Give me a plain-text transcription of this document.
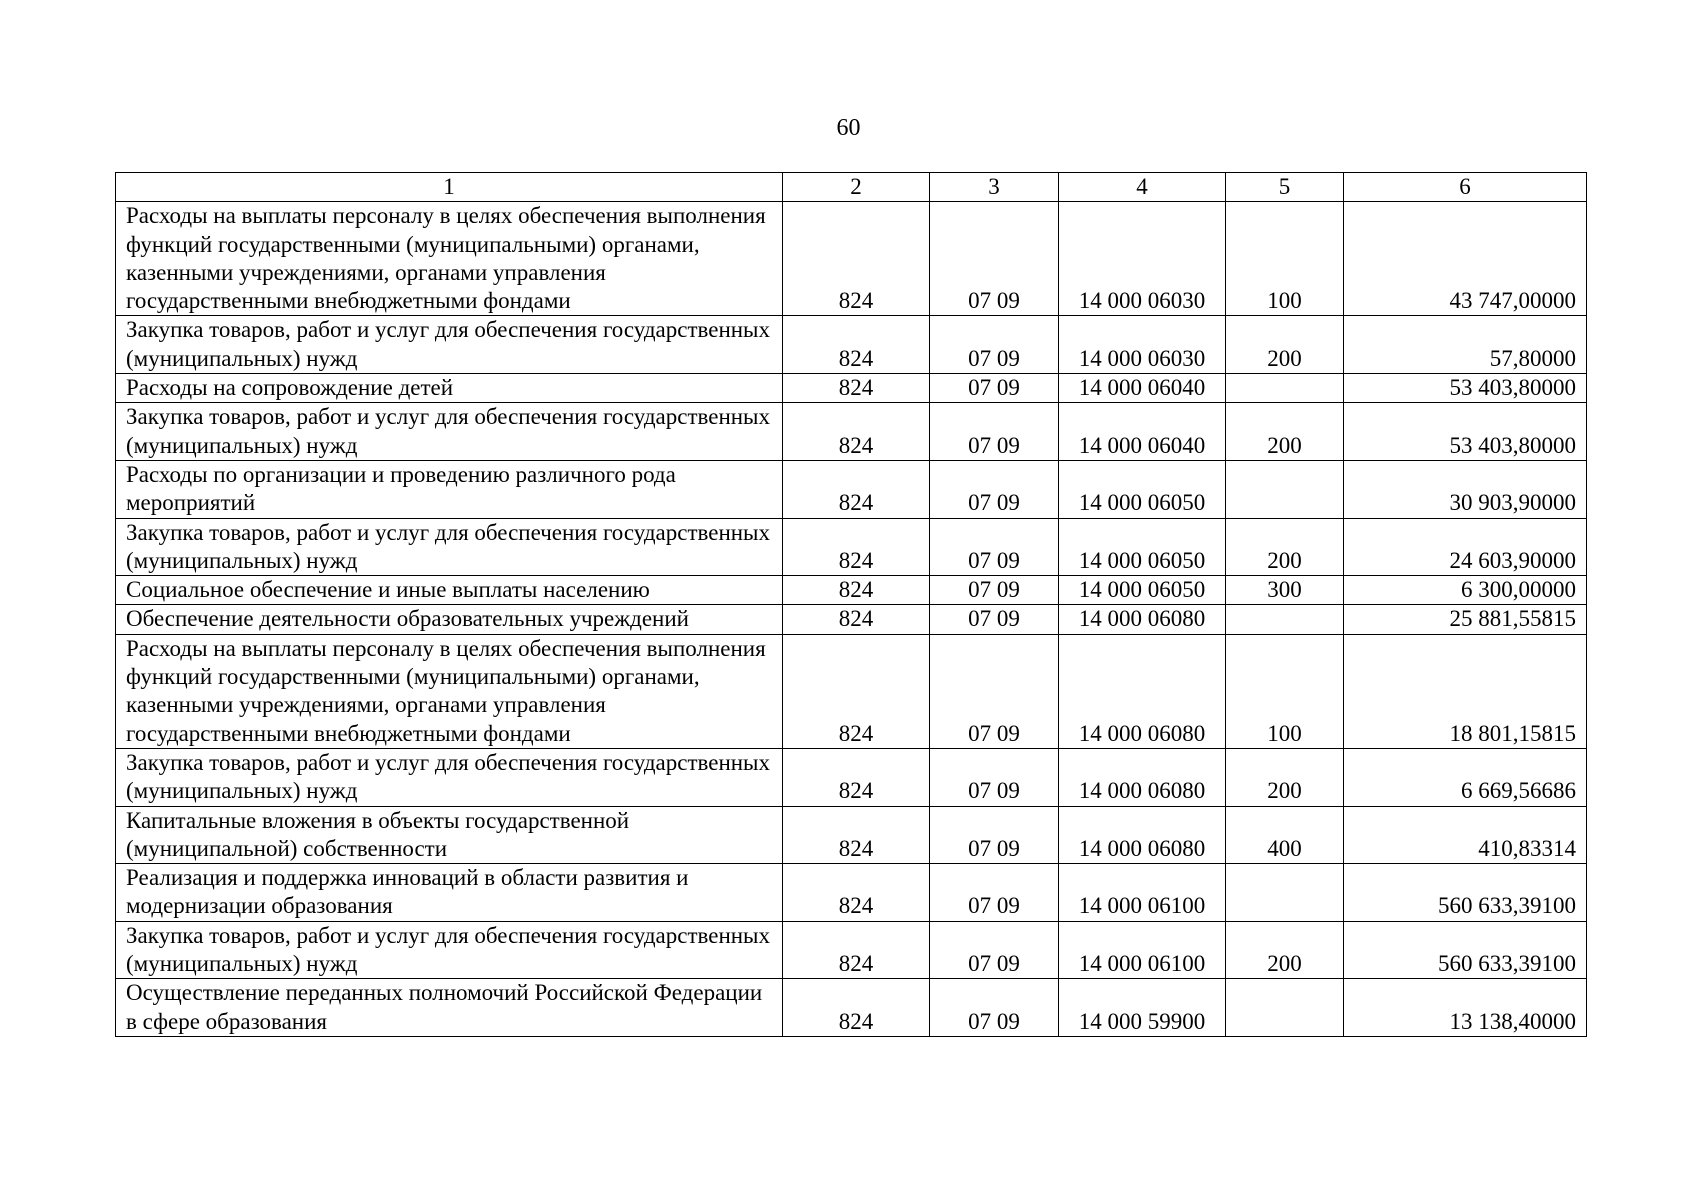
60
1	2	3	4	5	6
Расходы на выплаты персоналу в целях обеспечения выполнения функций государственными (муниципальными) органами, казенными учреждениями, органами управления государственными внебюджетными фондами	824	07 09	14 000 06030	100	43 747,00000
Закупка товаров, работ и услуг для обеспечения государственных (муниципальных) нужд	824	07 09	14 000 06030	200	57,80000
Расходы на сопровождение детей	824	07 09	14 000 06040		53 403,80000
Закупка товаров, работ и услуг для обеспечения государственных (муниципальных) нужд	824	07 09	14 000 06040	200	53 403,80000
Расходы по организации и проведению различного рода мероприятий	824	07 09	14 000 06050		30 903,90000
Закупка товаров, работ и услуг для обеспечения государственных (муниципальных) нужд	824	07 09	14 000 06050	200	24 603,90000
Социальное обеспечение и иные выплаты населению	824	07 09	14 000 06050	300	6 300,00000
Обеспечение деятельности образовательных учреждений	824	07 09	14 000 06080		25 881,55815
Расходы на выплаты персоналу в целях обеспечения выполнения функций государственными (муниципальными) органами, казенными учреждениями, органами управления государственными внебюджетными фондами	824	07 09	14 000 06080	100	18 801,15815
Закупка товаров, работ и услуг для обеспечения государственных (муниципальных) нужд	824	07 09	14 000 06080	200	6 669,56686
Капитальные вложения в объекты государственной (муниципальной) собственности	824	07 09	14 000 06080	400	410,83314
Реализация и поддержка инноваций в области развития и модернизации образования	824	07 09	14 000 06100		560 633,39100
Закупка товаров, работ и услуг для обеспечения государственных (муниципальных) нужд	824	07 09	14 000 06100	200	560 633,39100
Осуществление переданных полномочий Российской Федерации в сфере образования	824	07 09	14 000 59900		13 138,40000
